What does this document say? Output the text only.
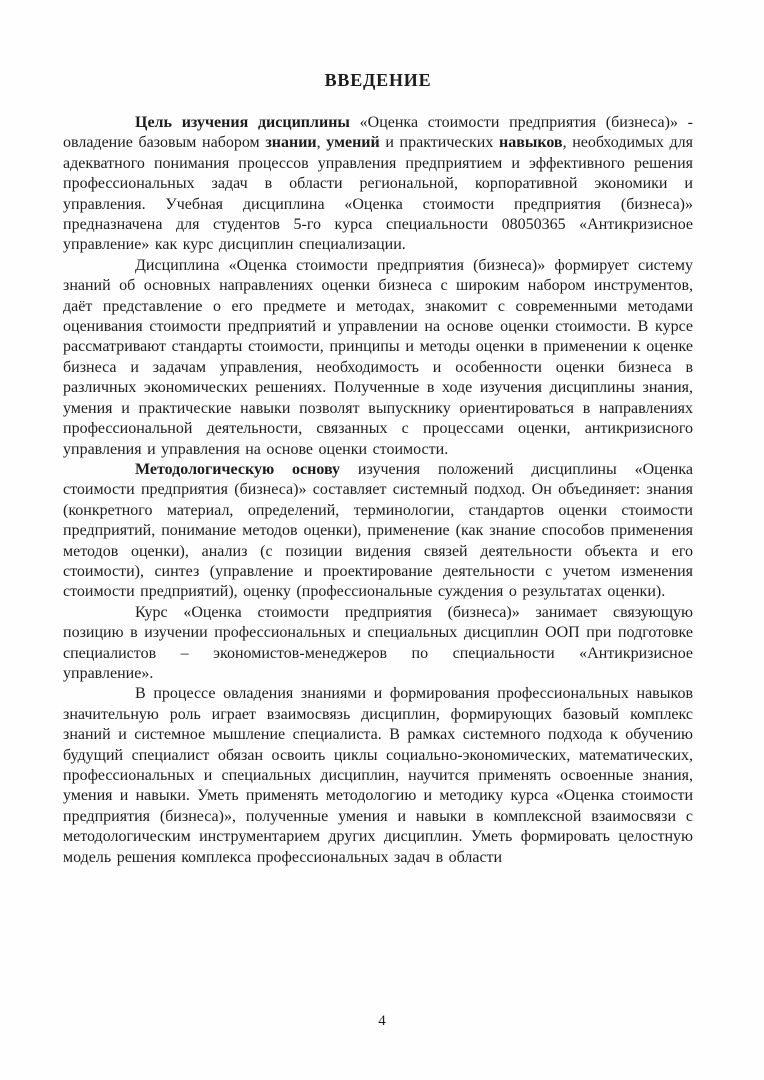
ВВЕДЕНИЕ

Цель изучения дисциплины «Оценка стоимости предприятия (бизнеса)» - овладение базовым набором знании, умений и практических навыков, необходимых для адекватного понимания процессов управления предприятием и эффективного решения профессиональных задач в области региональной, корпоративной экономики и управления. Учебная дисциплина «Оценка стоимости предприятия (бизнеса)» предназначена для студентов 5-го курса специальности 08050365 «Антикризисное управление» как курс дисциплин специализации.

Дисциплина «Оценка стоимости предприятия (бизнеса)» формирует систему знаний об основных направлениях оценки бизнеса с широким набором инструментов, даёт представление о его предмете и методах, знакомит с современными методами оценивания стоимости предприятий и управлении на основе оценки стоимости. В курсе рассматривают стандарты стоимости, принципы и методы оценки в применении к оценке бизнеса и задачам управления, необходимость и особенности оценки бизнеса в различных экономических решениях. Полученные в ходе изучения дисциплины знания, умения и практические навыки позволят выпускнику ориентироваться в направлениях профессиональной деятельности, связанных с процессами оценки, антикризисного управления и управления на основе оценки стоимости.

Методологическую основу изучения положений дисциплины «Оценка стоимости предприятия (бизнеса)» составляет системный подход. Он объединяет: знания (конкретного материал, определений, терминологии, стандартов оценки стоимости предприятий, понимание методов оценки), применение (как знание способов применения методов оценки), анализ (с позиции видения связей деятельности объекта и его стоимости), синтез (управление и проектирование деятельности с учетом изменения стоимости предприятий), оценку (профессиональные суждения о результатах оценки).

Курс «Оценка стоимости предприятия (бизнеса)» занимает связующую позицию в изучении профессиональных и специальных дисциплин ООП при подготовке специалистов – экономистов-менеджеров по специальности «Антикризисное управление».

В процессе овладения знаниями и формирования профессиональных навыков значительную роль играет взаимосвязь дисциплин, формирующих базовый комплекс знаний и системное мышление специалиста. В рамках системного подхода к обучению будущий специалист обязан освоить циклы социально-экономических, математических, профессиональных и специальных дисциплин, научится применять освоенные знания, умения и навыки. Уметь применять методологию и методику курса «Оценка стоимости предприятия (бизнеса)», полученные умения и навыки в комплексной взаимосвязи с методологическим инструментарием других дисциплин. Уметь формировать целостную модель решения комплекса профессиональных задач в области

4
